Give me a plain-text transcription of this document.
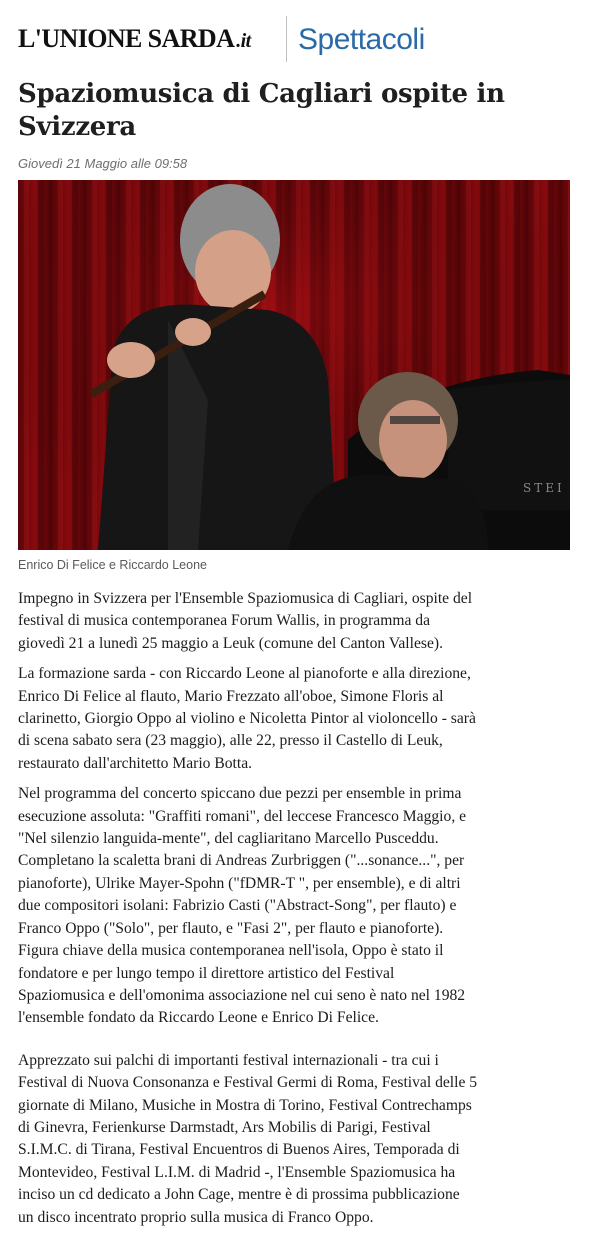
L'UNIONE SARDA .it Spettacoli
Spaziomusica di Cagliari ospite in Svizzera
Giovedì 21 Maggio alle 09:58
STEI
Enrico Di Felice e Riccardo Leone

Impegno in Svizzera per l'Ensemble Spaziomusica di Cagliari, ospite del
festival di musica contemporanea Forum Wallis, in programma da
giovedì 21 a lunedì 25 maggio a Leuk (comune del Canton Vallese).

La formazione sarda - con Riccardo Leone al pianoforte e alla direzione,
Enrico Di Felice al flauto, Mario Frezzato all'oboe, Simone Floris al
clarinetto, Giorgio Oppo al violino e Nicoletta Pintor al violoncello - sarà
di scena sabato sera (23 maggio), alle 22, presso il Castello di Leuk,
restaurato dall'architetto Mario Botta.

Nel programma del concerto spiccano due pezzi per ensemble in prima
esecuzione assoluta: "Graffiti romani", del leccese Francesco Maggio, e
"Nel silenzio languida-mente", del cagliaritano Marcello Pusceddu.
Completano la scaletta brani di Andreas Zurbriggen ("...sonance...", per
pianoforte), Ulrike Mayer-Spohn ("fDMR-T ", per ensemble), e di altri
due compositori isolani: Fabrizio Casti ("Abstract-Song", per flauto) e
Franco Oppo ("Solo", per flauto, e "Fasi 2", per flauto e pianoforte).
Figura chiave della musica contemporanea nell'isola, Oppo è stato il
fondatore e per lungo tempo il direttore artistico del Festival
Spaziomusica e dell'omonima associazione nel cui seno è nato nel 1982
l'ensemble fondato da Riccardo Leone e Enrico Di Felice.

Apprezzato sui palchi di importanti festival internazionali - tra cui i
Festival di Nuova Consonanza e Festival Germi di Roma, Festival delle 5
giornate di Milano, Musiche in Mostra di Torino, Festival Contrechamps
di Ginevra, Ferienkurse Darmstadt, Ars Mobilis di Parigi, Festival
S.I.M.C. di Tirana, Festival Encuentros di Buenos Aires, Temporada di
Montevideo, Festival L.I.M. di Madrid -, l'Ensemble Spaziomusica ha
inciso un cd dedicato a John Cage, mentre è di prossima pubblicazione
un disco incentrato proprio sulla musica di Franco Oppo.
